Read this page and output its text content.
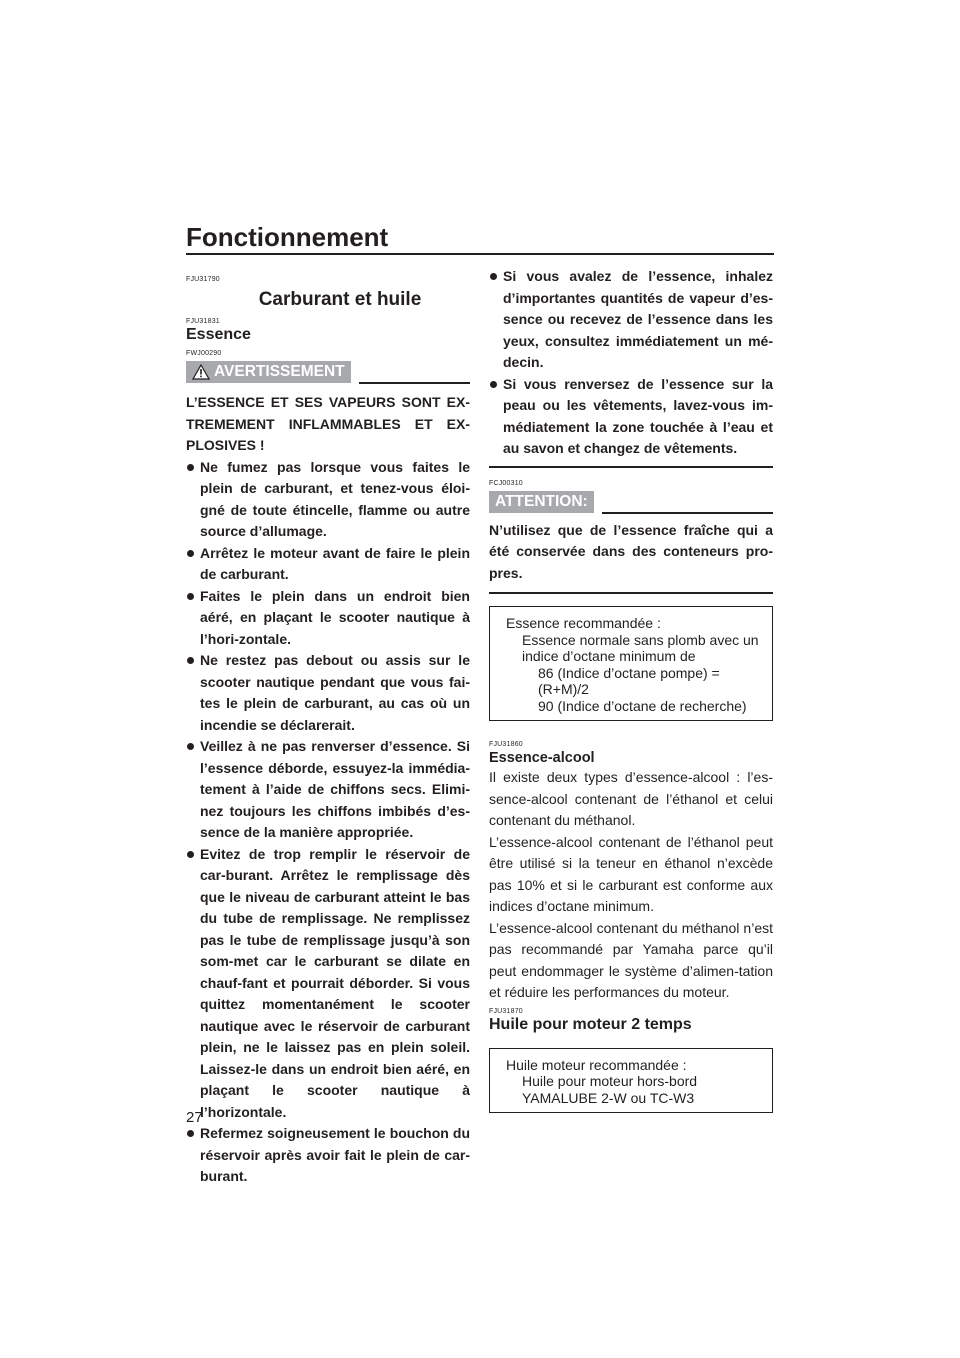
Fonctionnement
FJU31790
Carburant et huile
FJU31831
Essence
FWJ00290
AVERTISSEMENT

L’ESSENCE ET SES VAPEURS SONT EX-TREMEMENT INFLAMMABLES ET EX-PLOSIVES !

Ne fumez pas lorsque vous faites le plein de carburant, et tenez-vous éloi-gné de toute étincelle, flamme ou autre source d’allumage.
Arrêtez le moteur avant de faire le plein de carburant.
Faites le plein dans un endroit bien aéré, en plaçant le scooter nautique à l’hori-zontale.
Ne restez pas debout ou assis sur le scooter nautique pendant que vous fai-tes le plein de carburant, au cas où un incendie se déclarerait.
Veillez à ne pas renverser d’essence. Si l’essence déborde, essuyez-la immédia-tement à l’aide de chiffons secs. Elimi-nez toujours les chiffons imbibés d’es-sence de la manière appropriée.
Evitez de trop remplir le réservoir de car-burant. Arrêtez le remplissage dès que le niveau de carburant atteint le bas du tube de remplissage. Ne remplissez pas le tube de remplissage jusqu’à son som-met car le carburant se dilate en chauf-fant et pourrait déborder. Si vous quittez momentanément le scooter nautique avec le réservoir de carburant plein, ne le laissez pas en plein soleil. Laissez-le dans un endroit bien aéré, en plaçant le scooter nautique à l’horizontale.
Refermez soigneusement le bouchon du réservoir après avoir fait le plein de car-burant.
Si vous avalez de l’essence, inhalez d’importantes quantités de vapeur d’es-sence ou recevez de l’essence dans les yeux, consultez immédiatement un mé-decin.
Si vous renversez de l’essence sur la peau ou les vêtements, lavez-vous im-médiatement la zone touchée à l’eau et au savon et changez de vêtements.
FCJ00310
ATTENTION:

N’utilisez que de l’essence fraîche qui a été conservée dans des conteneurs pro-pres.

Essence recommandée :
Essence normale sans plomb avec un indice d’octane minimum de
86 (Indice d’octane pompe) = (R+M)/2
90 (Indice d’octane de recherche)
FJU31860
Essence-alcool

Il existe deux types d’essence-alcool : l’es-sence-alcool contenant de l’éthanol et celui contenant du méthanol.

L’essence-alcool contenant de l’éthanol peut être utilisé si la teneur en éthanol n’excède pas 10% et si le carburant est conforme aux indices d’octane minimum.

L’essence-alcool contenant du méthanol n’est pas recommandé par Yamaha parce qu’il peut endommager le système d’alimen-tation et réduire les performances du moteur.

FJU31870
Huile pour moteur 2 temps
Huile moteur recommandée :
Huile pour moteur hors-bord
YAMALUBE 2-W ou TC-W3
27
